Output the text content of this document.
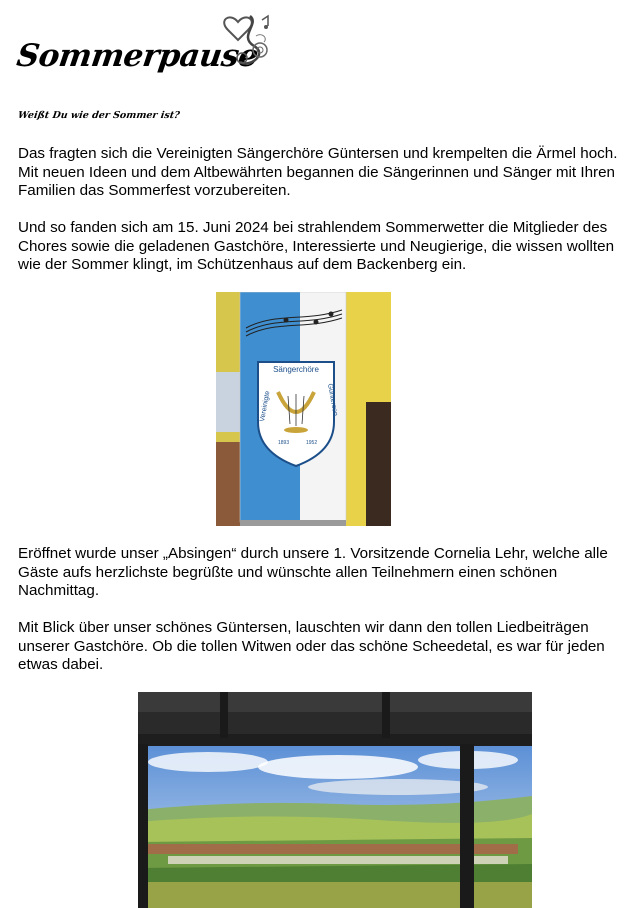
Sommerpause
Weißt Du wie der Sommer ist?

Das fragten sich die Vereinigten Sängerchöre Güntersen und krempelten die Ärmel hoch. Mit neuen Ideen und dem Altbewährten begannen die Sängerinnen und Sänger mit Ihren Familien das Sommerfest vorzubereiten.

Und so fanden sich am 15. Juni 2024 bei strahlendem Sommerwetter die Mitglieder des Chores sowie die geladenen Gastchöre, Interessierte und Neugierige, die wissen wollten wie der Sommer klingt, im Schützenhaus auf dem Backenberg ein.

Sängerchöre
Vereinigte	Güntersen
1893	1952

Eröffnet wurde unser „Absingen“ durch unsere 1. Vorsitzende Cornelia Lehr, welche alle Gäste aufs herzlichste begrüßte und wünschte allen Teilnehmern einen schönen Nachmittag.

Mit Blick über unser schönes Güntersen, lauschten wir dann den tollen Liedbeiträgen unserer Gastchöre. Ob die tollen Witwen oder das schöne Scheedetal, es war für jeden etwas dabei.
